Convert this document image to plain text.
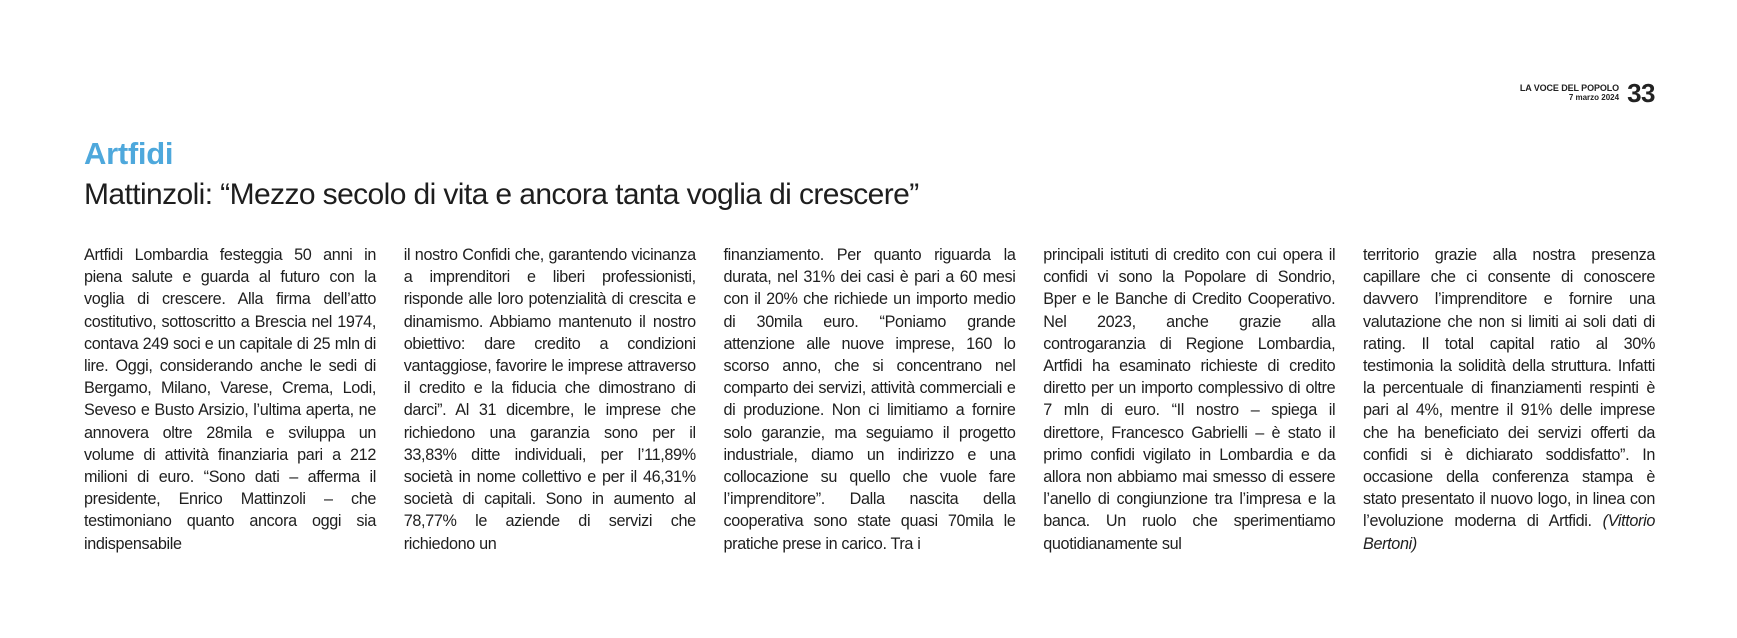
LA VOCE DEL POPOLO
7 marzo 2024 33
Artfidi
Mattinzoli: “Mezzo secolo di vita e ancora tanta voglia di crescere”

Artfidi Lombardia festeggia 50 anni in piena salute e guarda al futuro con la voglia di crescere. Alla firma dell’atto costitutivo, sottoscritto a Brescia nel 1974, contava 249 soci e un capitale di 25 mln di lire. Oggi, considerando anche le sedi di Bergamo, Milano, Varese, Crema, Lodi, Seveso e Busto Arsizio, l’ultima aperta, ne annovera oltre 28mila e sviluppa un volume di attività finanziaria pari a 212 milioni di euro. “Sono dati – afferma il presidente, Enrico Mattinzoli – che testimoniano quanto ancora oggi sia indispensabile

il nostro Confidi che, garantendo vicinanza a imprenditori e liberi professionisti, risponde alle loro potenzialità di crescita e dinamismo. Abbiamo mantenuto il nostro obiettivo: dare credito a condizioni vantaggiose, favorire le imprese attraverso il credito e la fiducia che dimostrano di darci”. Al 31 dicembre, le imprese che richiedono una garanzia sono per il 33,83% ditte individuali, per l’11,89% società in nome collettivo e per il 46,31% società di capitali. Sono in aumento al 78,77% le aziende di servizi che richiedono un

finanziamento. Per quanto riguarda la durata, nel 31% dei casi è pari a 60 mesi con il 20% che richiede un importo medio di 30mila euro. “Poniamo grande attenzione alle nuove imprese, 160 lo scorso anno, che si concentrano nel comparto dei servizi, attività commerciali e di produzione. Non ci limitiamo a fornire solo garanzie, ma seguiamo il progetto industriale, diamo un indirizzo e una collocazione su quello che vuole fare l’imprenditore”. Dalla nascita della cooperativa sono state quasi 70mila le pratiche prese in carico. Tra i

principali istituti di credito con cui opera il confidi vi sono la Popolare di Sondrio, Bper e le Banche di Credito Cooperativo. Nel 2023, anche grazie alla controgaranzia di Regione Lombardia, Artfidi ha esaminato richieste di credito diretto per un importo complessivo di oltre 7 mln di euro. “Il nostro – spiega il direttore, Francesco Gabrielli – è stato il primo confidi vigilato in Lombardia e da allora non abbiamo mai smesso di essere l’anello di congiunzione tra l’impresa e la banca. Un ruolo che sperimentiamo quotidianamente sul

territorio grazie alla nostra presenza capillare che ci consente di conoscere davvero l’imprenditore e fornire una valutazione che non si limiti ai soli dati di rating. Il total capital ratio al 30% testimonia la solidità della struttura. Infatti la percentuale di finanziamenti respinti è pari al 4%, mentre il 91% delle imprese che ha beneficiato dei servizi offerti da confidi si è dichiarato soddisfatto”. In occasione della conferenza stampa è stato presentato il nuovo logo, in linea con l’evoluzione moderna di Artfidi. (Vittorio Bertoni)
